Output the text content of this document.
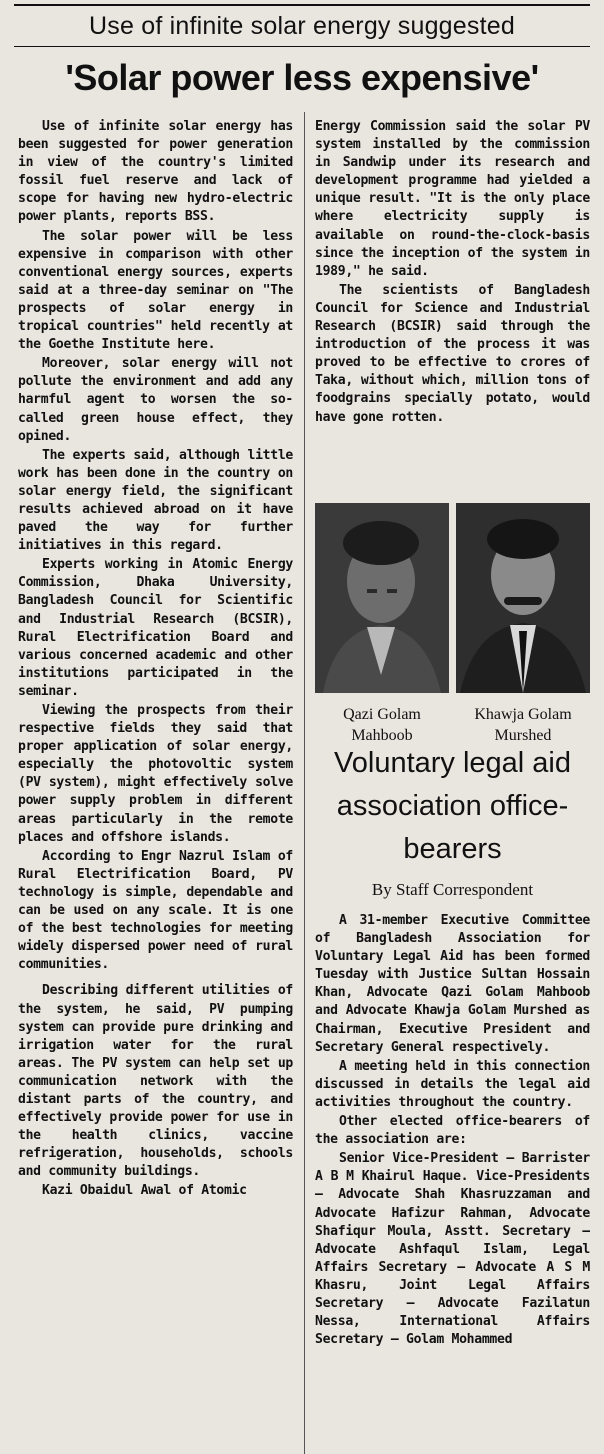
Use of infinite solar energy suggested
'Solar power less expensive'

Use of infinite solar energy has been suggested for power generation in view of the country's limited fossil fuel reserve and lack of scope for having new hydro-electric power plants, reports BSS.

The solar power will be less expensive in comparison with other conventional energy sources, experts said at a three-day seminar on "The prospects of solar energy in tropical countries" held recently at the Goethe Institute here.

Moreover, solar energy will not pollute the environment and add any harmful agent to worsen the so-called green house effect, they opined.

The experts said, although little work has been done in the country on solar energy field, the significant results achieved abroad on it have paved the way for further initiatives in this regard.

Experts working in Atomic Energy Commission, Dhaka University, Bangladesh Council for Scientific and Industrial Research (BCSIR), Rural Electrification Board and various concerned academic and other institutions participated in the seminar.

Viewing the prospects from their respective fields they said that proper application of solar energy, especially the photovoltic system (PV system), might effectively solve power supply problem in different areas particularly in the remote places and offshore islands.

According to Engr Nazrul Islam of Rural Electrification Board, PV technology is simple, dependable and can be used on any scale. It is one of the best technologies for meeting widely dispersed power need of rural communities.

Describing different utilities of the system, he said, PV pumping system can provide pure drinking and irrigation water for the rural areas. The PV system can help set up communication network with the distant parts of the country, and effectively provide power for use in the health clinics, vaccine refrigeration, households, schools and community buildings.

Kazi Obaidul Awal of Atomic

Energy Commission said the solar PV system installed by the commission in Sandwip under its research and development programme had yielded a unique result. "It is the only place where electricity supply is available on round-the-clock-basis since the inception of the system in 1989," he said.

The scientists of Bangladesh Council for Science and Industrial Research (BCSIR) said through the introduction of the process it was proved to be effective to crores of Taka, without which, million tons of foodgrains specially potato, would have gone rotten.

Qazi Golam Mahboob
Khawja Golam Murshed
Voluntary legal aid association office-bearers
By Staff Correspondent

A 31-member Executive Committee of Bangladesh Association for Voluntary Legal Aid has been formed Tuesday with Justice Sultan Hossain Khan, Advocate Qazi Golam Mahboob and Advocate Khawja Golam Murshed as Chairman, Executive President and Secretary General respectively.

A meeting held in this connection discussed in details the legal aid activities throughout the country.

Other elected office-bearers of the association are:

Senior Vice-President — Barrister A B M Khairul Haque. Vice-Presidents — Advocate Shah Khasruzzaman and Advocate Hafizur Rahman, Advocate Shafiqur Moula, Asstt. Secretary — Advocate Ashfaqul Islam, Legal Affairs Secretary — Advocate A S M Khasru, Joint Legal Affairs Secretary — Advocate Fazilatun Nessa, International Affairs Secretary — Golam Mohammed
